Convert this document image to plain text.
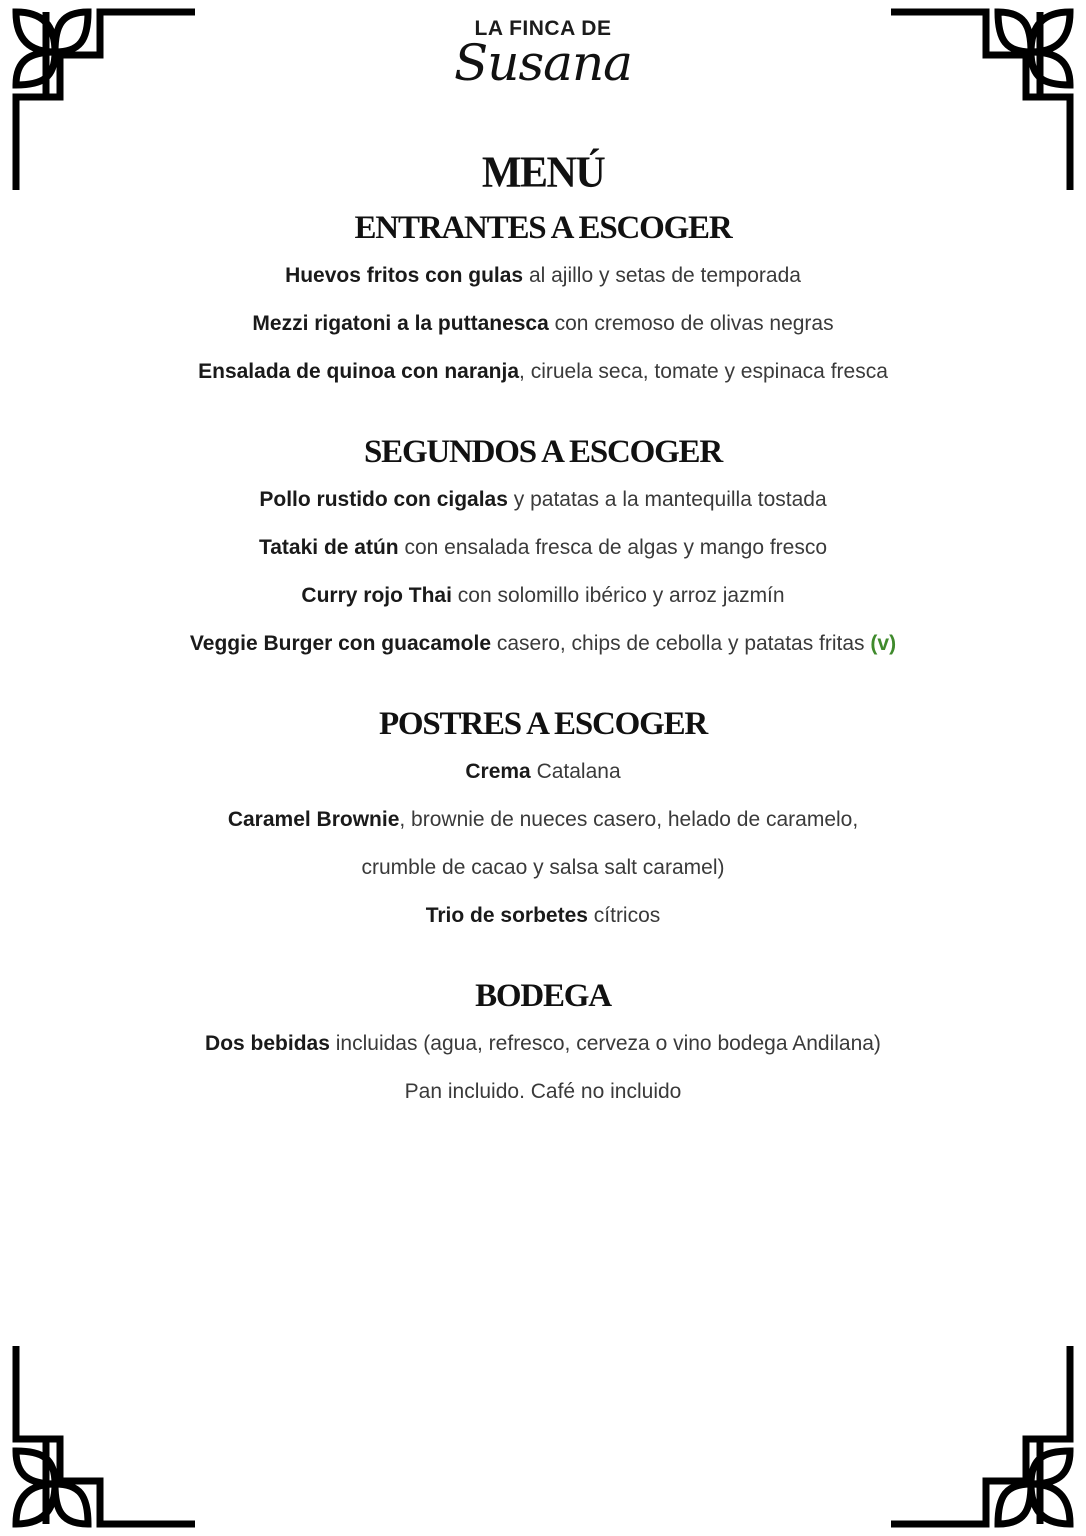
LA FINCA DE
Susana
MENÚ
ENTRANTES A ESCOGER
Huevos fritos con gulas al ajillo y setas de temporada
Mezzi rigatoni a la puttanesca con cremoso de olivas negras
Ensalada de quinoa con naranja, ciruela seca, tomate y espinaca fresca
SEGUNDOS A ESCOGER
Pollo rustido con cigalas y patatas a la mantequilla tostada
Tataki de atún con ensalada fresca de algas y mango fresco
Curry rojo Thai con solomillo ibérico y arroz jazmín
Veggie Burger con guacamole casero, chips de cebolla y patatas fritas (v)
POSTRES A ESCOGER
Crema Catalana
Caramel Brownie, brownie de nueces casero, helado de caramelo,
crumble de cacao y salsa salt caramel)
Trio de sorbetes cítricos
BODEGA
Dos bebidas incluidas (agua, refresco, cerveza o vino bodega Andilana)
Pan incluido. Café no incluido
